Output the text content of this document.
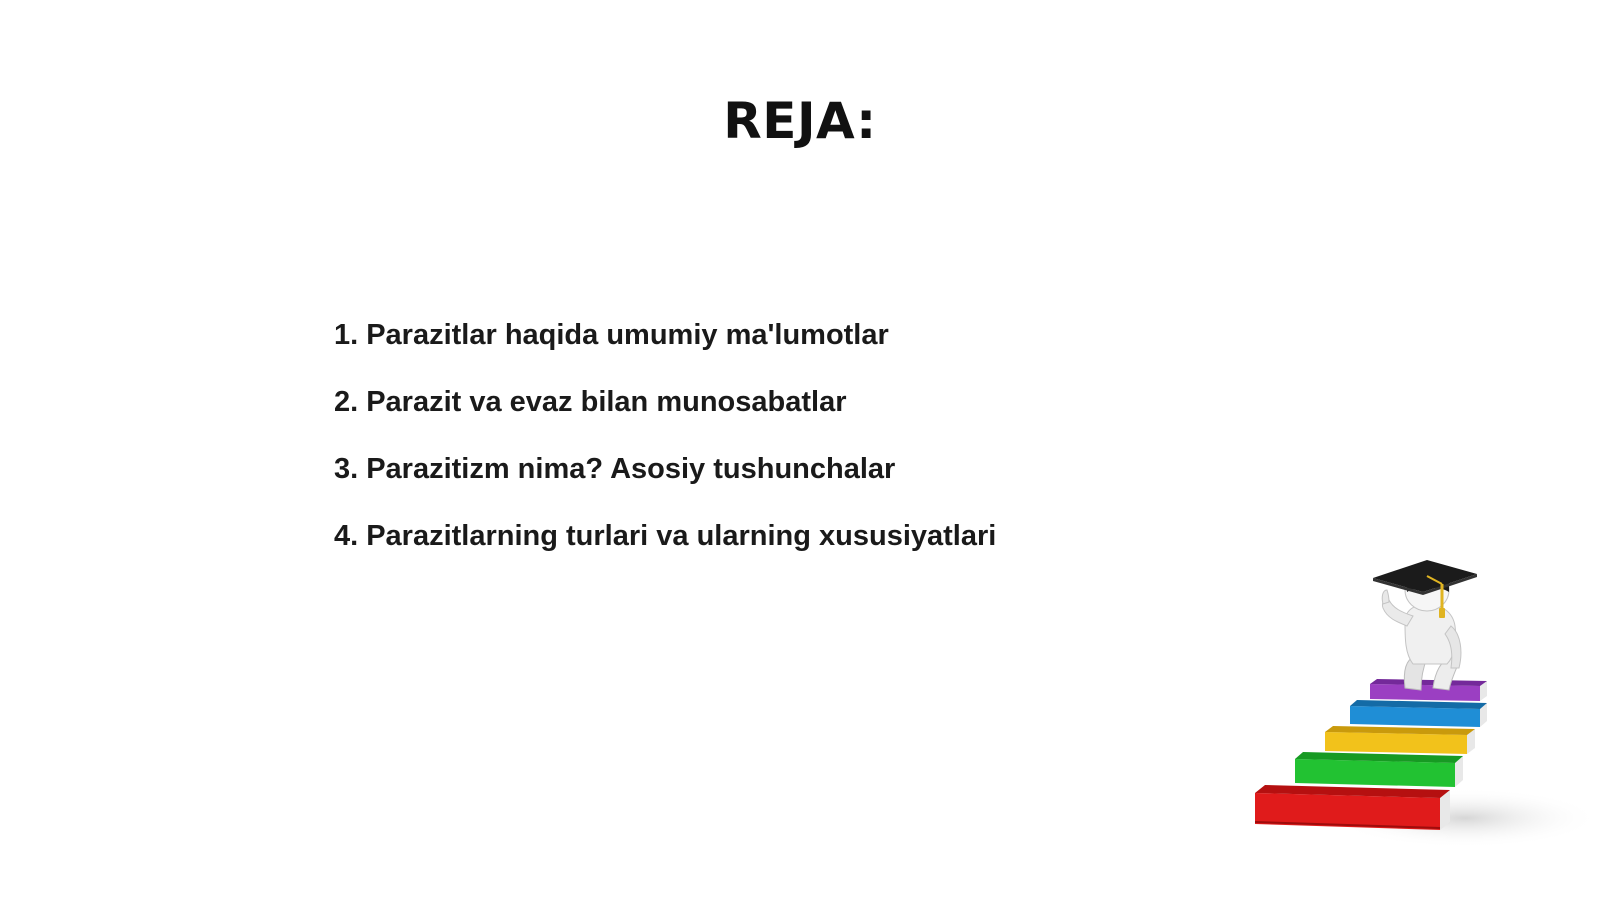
REJA:
1. Parazitlar haqida umumiy ma'lumotlar
2. Parazit va evaz bilan munosabatlar
3. Parazitizm nima? Asosiy tushunchalar
4. Parazitlarning turlari va ularning xususiyatlari
